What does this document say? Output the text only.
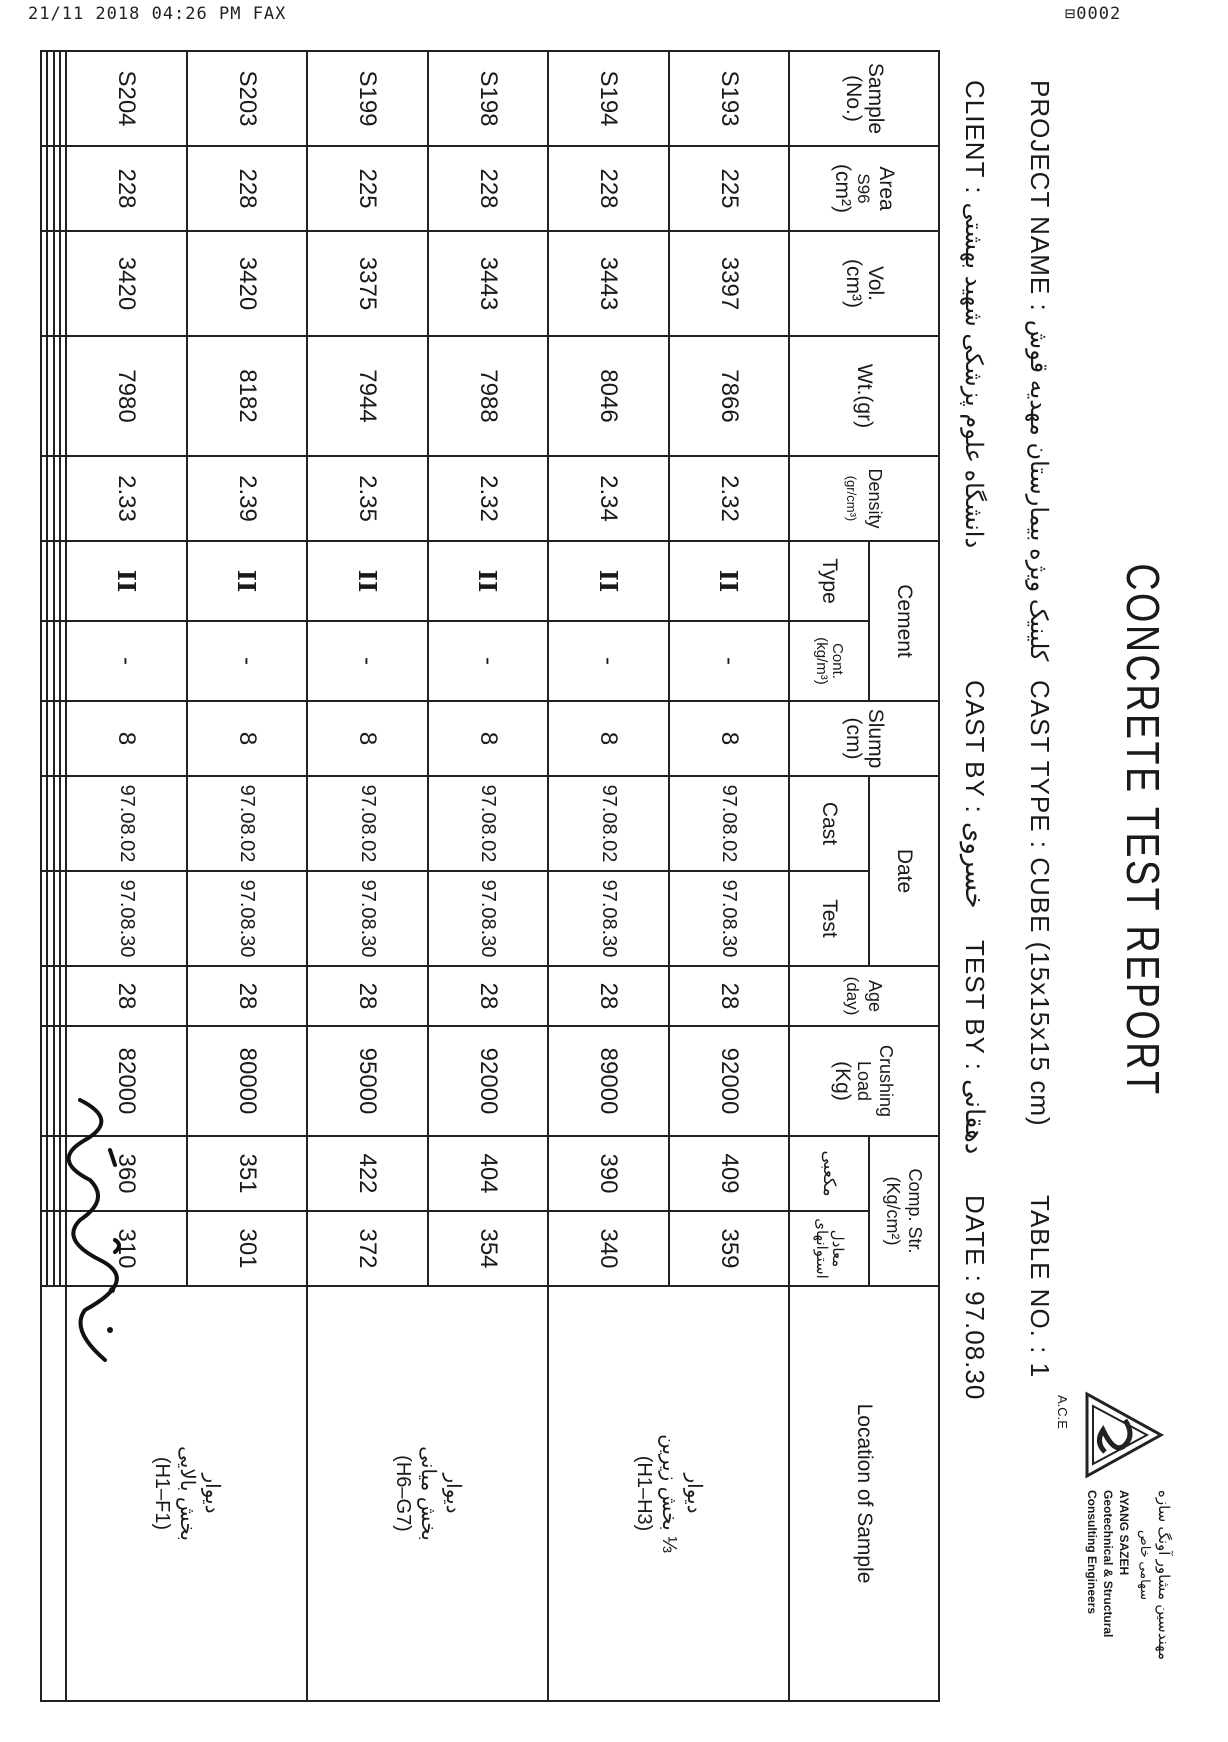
21/11 2018 04:26 PM FAX	⊟0002
CONCRETE TEST REPORT
PROJECT NAME : کلینیک ویژه بیمارستان مهدیه قوش
CAST TYPE : CUBE (15x15x15 cm)
TABLE NO. : 1
CLIENT : دانشگاه علوم پزشکی شهید بهشتی
CAST BY : خسروی
TEST BY : دهقانی
DATE : 97.08.30
A.C.E
مهندسین مشاور آونگ سازه
سهامی خاص
AYANG SAZEH
Geotechnical & Structural
Consulting Engineers
Sample
(No.)	Area
S96
(cm²)	Vol.
(cm³)	Wt.(gr)	Density
(gr/cm³)	Cement		Slump
(cm)	Date		Age
(day)	Crushing
Load
(Kg)	Comp. Str.
(Kg/cm²)		Location of Sample
					Type	Cont.
(kg/m³)		Cast	Test			مکعبی	معادل استوانهای	
S193	225	3397	7866	2.32	II	-	8	97.08.02	97.08.30	28	92000	409	359	دیوار
⅓ بخش زیرین
(H1–H3)
S194	228	3443	8046	2.34	II	-	8	97.08.02	97.08.30	28	89000	390	340	
S198	228	3443	7988	2.32	II	-	8	97.08.02	97.08.30	28	92000	404	354	دیوار
بخش میانی
(H6–G7)
S199	225	3375	7944	2.35	II	-	8	97.08.02	97.08.30	28	95000	422	372	
S203	228	3420	8182	2.39	II	-	8	97.08.02	97.08.30	28	80000	351	301	دیوار
بخش بالایی
(H1–F1)
S204	228	3420	7980	2.33	II	-	8	97.08.02	97.08.30	28	82000	360	310	
